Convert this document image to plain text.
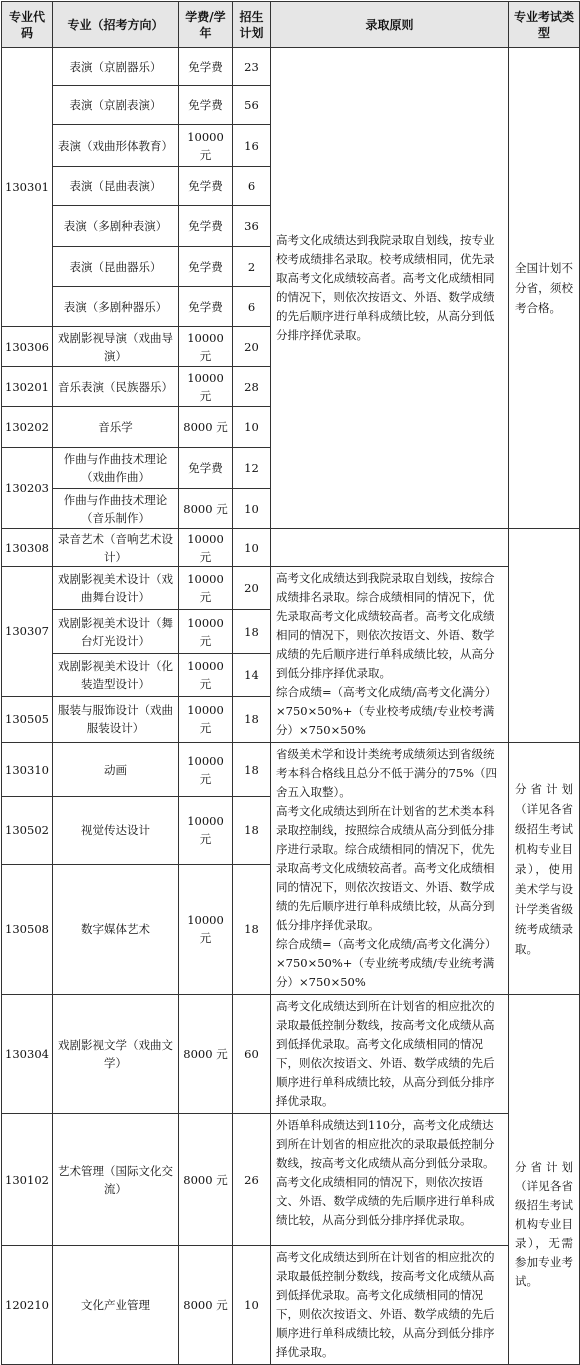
专业代码	专业（招考方向）	学费/学年	招生计划	录取原则	专业考试类型
130301	表演（京剧器乐）	免学费	23	高考文化成绩达到我院录取自划线，按专业校考成绩排名录取。校考成绩相同，优先录取高考文化成绩较高者。高考文化成绩相同的情况下，则依次按语文、外语、数学成绩的先后顺序进行单科成绩比较，从高分到低分排序择优录取。	全国计划不分省，须校考合格。
	表演（京剧表演）	免学费	56		
	表演（戏曲形体教育）	10000元	16		
	表演（昆曲表演）	免学费	6		
	表演（多剧种表演）	免学费	36		
	表演（昆曲器乐）	免学费	2		
	表演（多剧种器乐）	免学费	6		
130306	戏剧影视导演（戏曲导演）	10000元	20		
130201	音乐表演（民族器乐）	10000元	28		
130202	音乐学	8000 元	10		
130203	作曲与作曲技术理论（戏曲作曲）	免学费	12		
	作曲与作曲技术理论（音乐制作）	8000 元	10		
130308	录音艺术（音响艺术设计）	10000元	10		
130307	戏剧影视美术设计（戏曲舞台设计）	10000元	20	高考文化成绩达到我院录取自划线，按综合成绩排名录取。综合成绩相同的情况下，优先录取高考文化成绩较高者。高考文化成绩相同的情况下，则依次按语文、外语、数学成绩的先后顺序进行单科成绩比较，从高分到低分排序择优录取。
综合成绩=（高考文化成绩/高考文化满分）×750×50%+（专业校考成绩/专业校考满分）×750×50%	

	戏剧影视美术设计（舞台灯光设计）	10000元	18		
	戏剧影视美术设计（化装造型设计）	10000元	14		
130505	服装与服饰设计（戏曲服装设计）	10000元	18		
130310	动画	10000元	18	省级美术学和设计类统考成绩须达到省级统考本科合格线且总分不低于满分的75%（四舍五入取整）。
高考文化成绩达到所在计划省的艺术类本科录取控制线，按照综合成绩从高分到低分排序进行录取。综合成绩相同的情况下，优先录取高考文化成绩较高者。高考文化成绩相同的情况下，则依次按语文、外语、数学成绩的先后顺序进行单科成绩比较，从高分到低分排序择优录取。
综合成绩=（高考文化成绩/高考文化满分）×750×50%+（专业统考成绩/专业统考满分）×750×50%	分省计划（详见各省级招生考试机构专业目录），使用美术学与设计学类省级统考成绩录取。
130502	视觉传达设计	10000元	18		
130508	数字媒体艺术	10000元	18		
130304	戏剧影视文学（戏曲文学）	8000 元	60	高考文化成绩达到所在计划省的相应批次的录取最低控制分数线，按高考文化成绩从高到低择优录取。高考文化成绩相同的情况下，则依次按语文、外语、数学成绩的先后顺序进行单科成绩比较，从高分到低分排序择优录取。	分省计划（详见各省级招生考试机构专业目录），无需参加专业考试。
130102	艺术管理（国际文化交流）	8000 元	26	外语单科成绩达到110分，高考文化成绩达到所在计划省的相应批次的录取最低控制分数线，按高考文化成绩从高分到低分录取。高考文化成绩相同的情况下，则依次按语文、外语、数学成绩的先后顺序进行单科成绩比较，从高分到低分排序择优录取。	
120210	文化产业管理	8000 元	10	高考文化成绩达到所在计划省的相应批次的录取最低控制分数线，按高考文化成绩从高到低择优录取。高考文化成绩相同的情况下，则依次按语文、外语、数学成绩的先后顺序进行单科成绩比较，从高分到低分排序择优录取。	
